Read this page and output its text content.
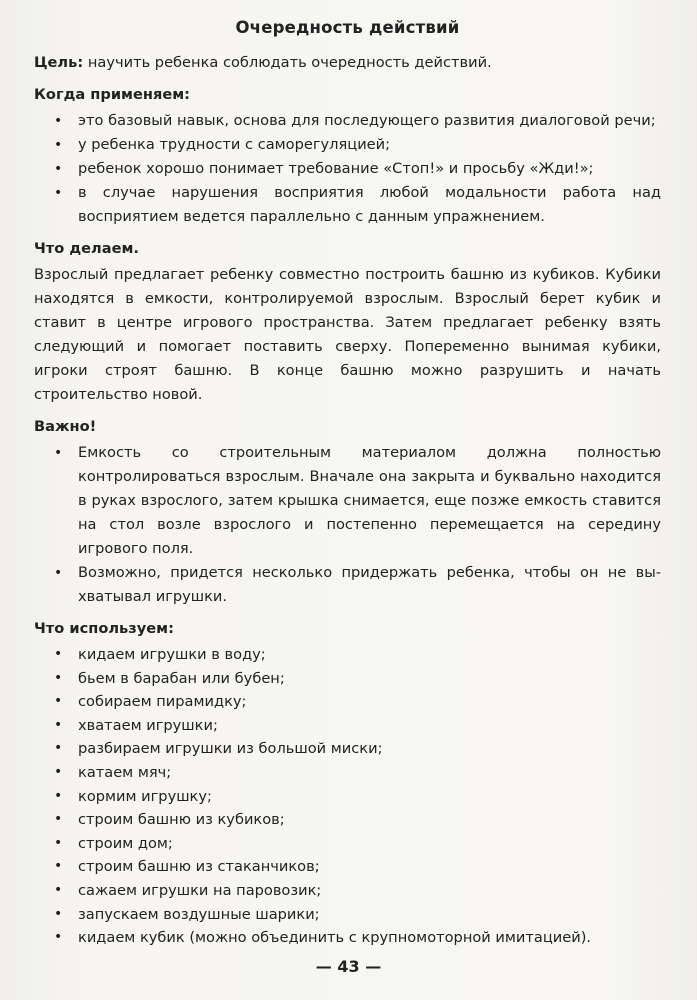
Очередность действий

Цель: научить ребенка соблюдать очередность действий.

Когда применяем:
•	это базовый навык, основа для последующего развития диалоговой речи;
•	у ребенка трудности с саморегуляцией;
•	ребенок хорошо понимает требование «Стоп!» и просьбу «Жди!»;
•	в случае нарушения восприятия любой модальности работа над восприятием ведется параллельно с данным упражнением.
Что делаем.

Взрослый предлагает ребенку совместно построить башню из кубиков. Кубики находятся в емкости, контролируемой взрослым. Взрослый берет кубик и ставит в центре игрового пространства. Затем предлагает ребенку взять следующий и помогает поставить сверху. Попеременно вынимая кубики, игроки строят башню. В конце башню можно разрушить и начать строительство новой.

Важно!
•	Емкость со строительным материалом должна полностью контролироваться взрослым. Вначале она закрыта и буквально находится в руках взрослого, затем крышка снимается, еще позже емкость ставится на стол возле взрослого и постепенно перемещается на середину игрового поля.
•	Возможно, придется несколько придержать ребенка, чтобы он не выхватывал игрушки.
Что используем:
•	кидаем игрушки в воду;
•	бьем в барабан или бубен;
•	собираем пирамидку;
•	хватаем игрушки;
•	разбираем игрушки из большой миски;
•	катаем мяч;
•	кормим игрушку;
•	строим башню из кубиков;
•	строим дом;
•	строим башню из стаканчиков;
•	сажаем игрушки на паровозик;
•	запускаем воздушные шарики;
•	кидаем кубик (можно объединить с крупномоторной имитацией).
— 43 —
